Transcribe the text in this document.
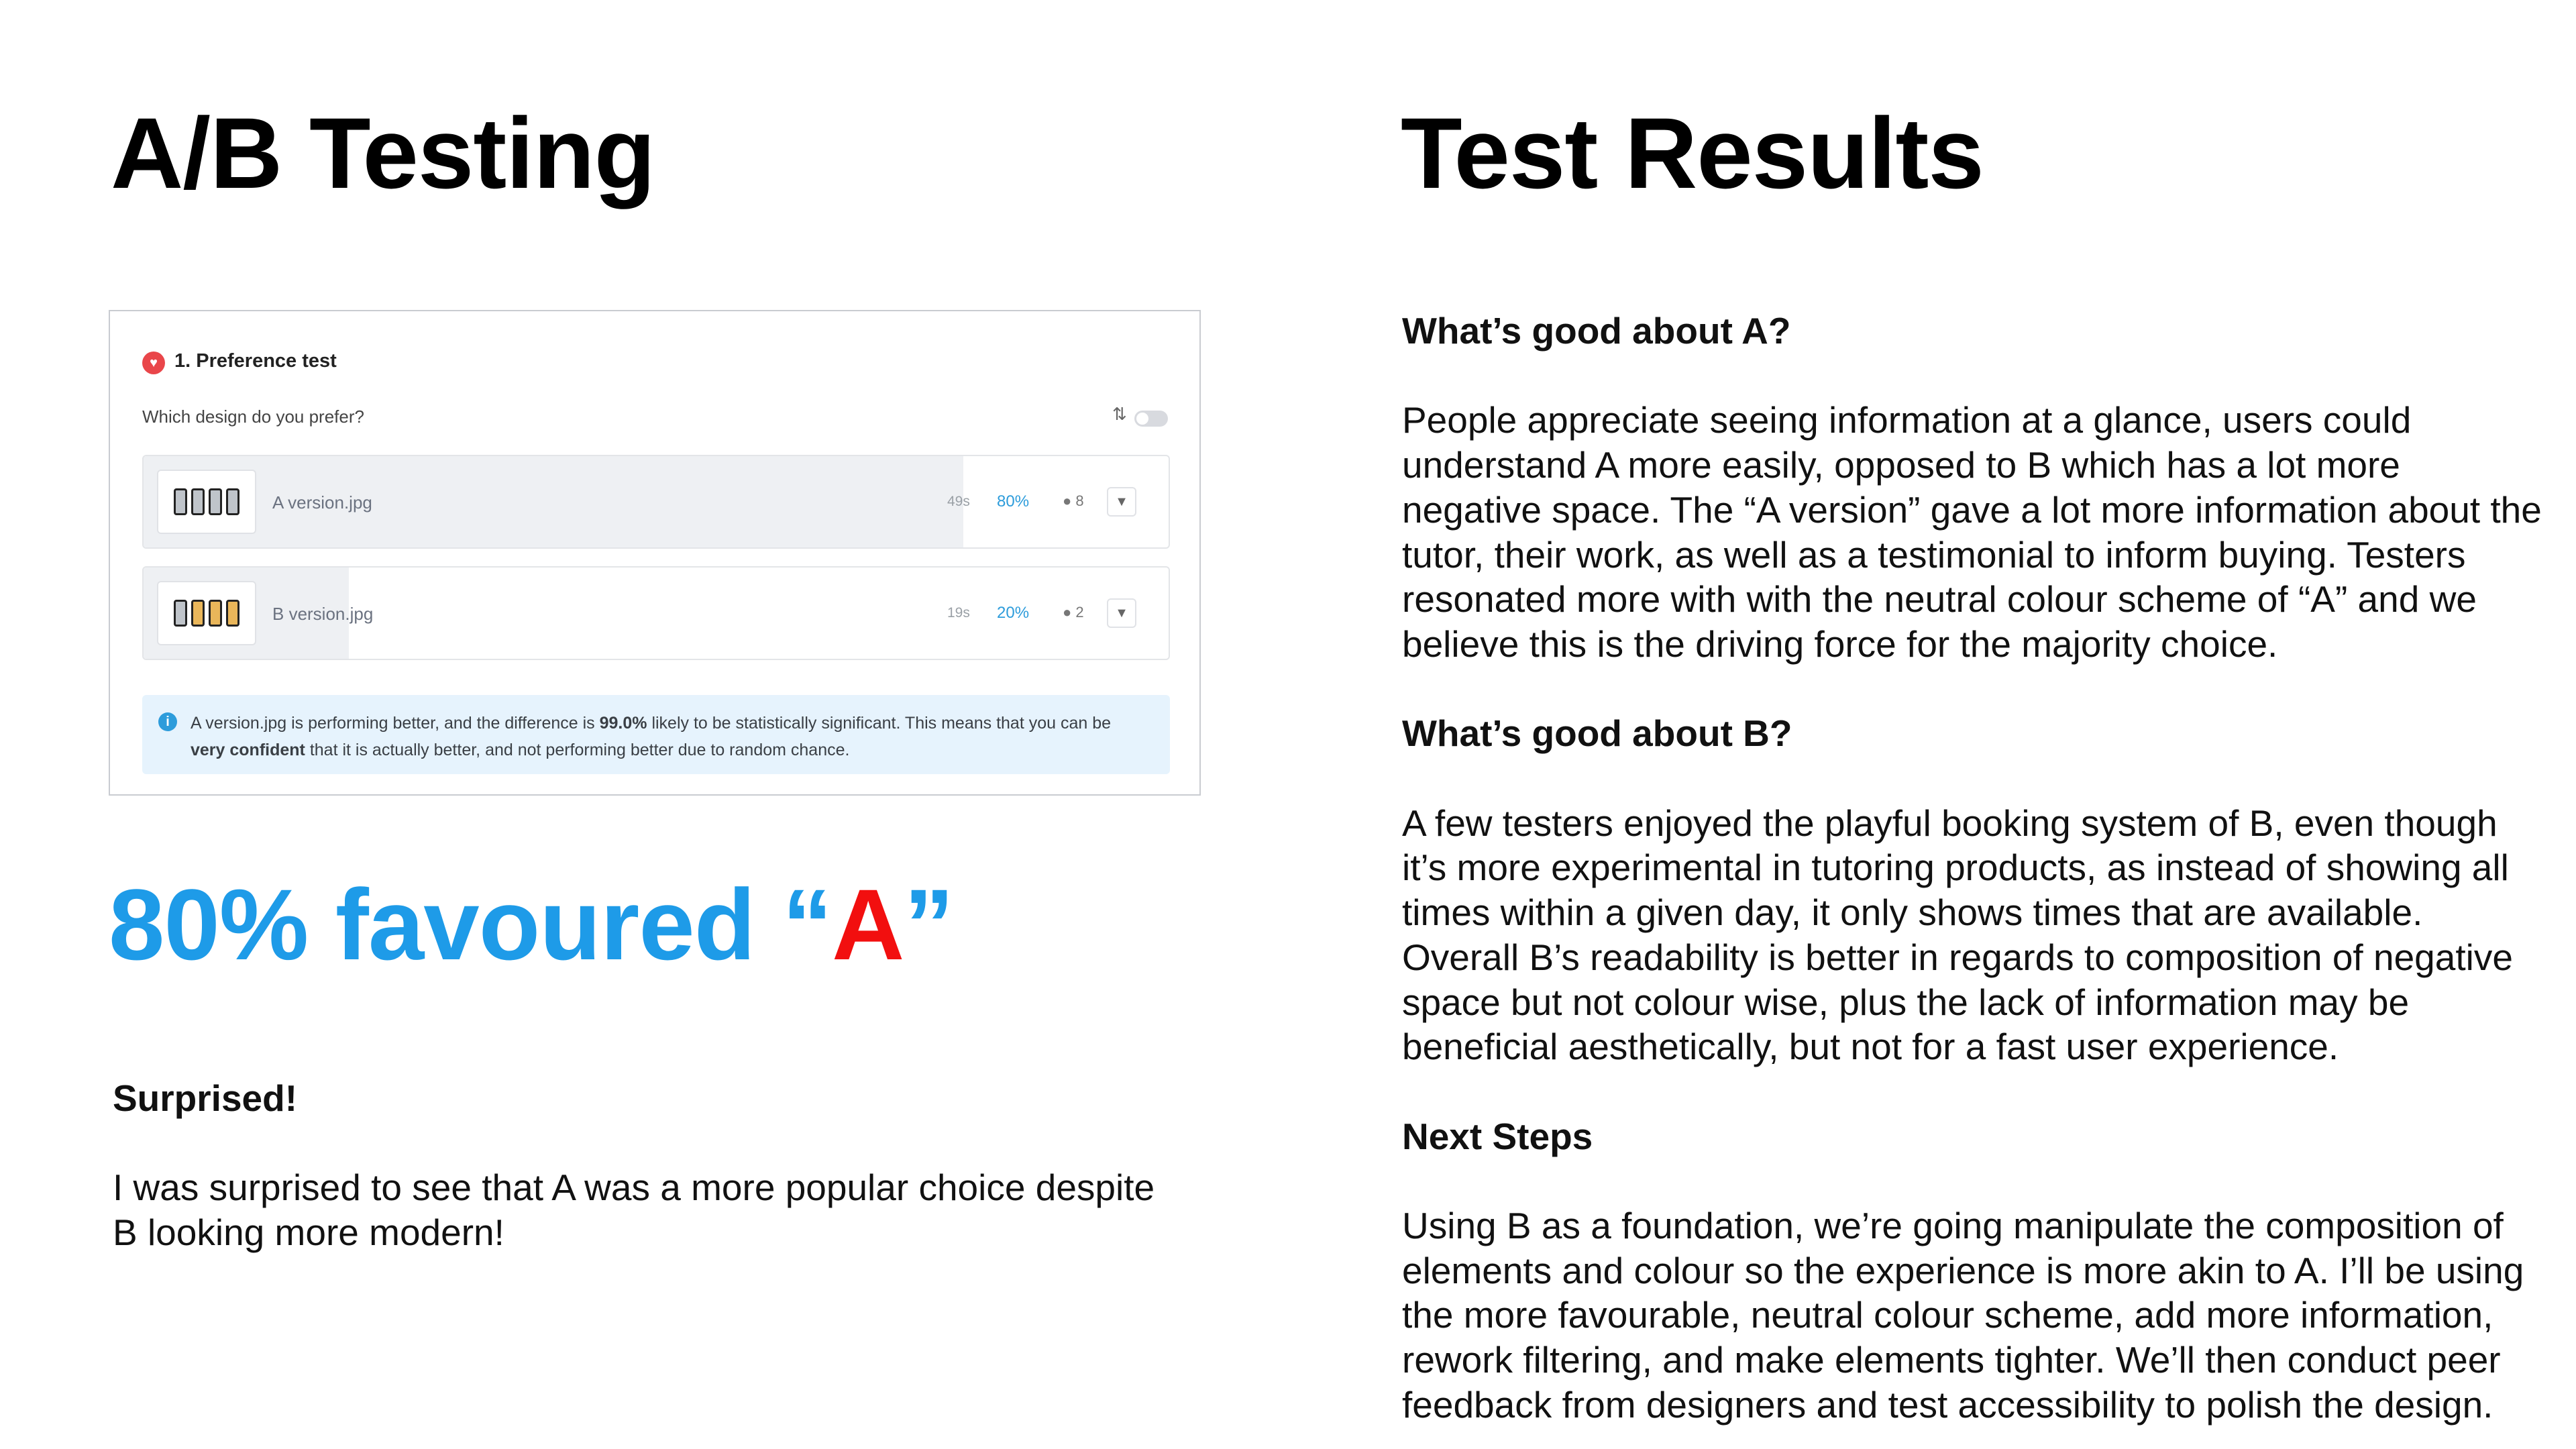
A/B Testing	Test Results
♥ 1. Preference test
Which design do you prefer?	⇅
A version.jpg	49s 80% ● 8	▼
B version.jpg	19s 20% ● 2	▼
i	A version.jpg is performing better, and the difference is 99.0% likely to be statistically significant. This means that you can be very confident that it is actually better, and not performing better due to random chance.
80% favoured “A”
Surprised!
I was surprised to see that A was a more popular choice despite B looking more modern!
What’s good about A?
People appreciate seeing information at a glance, users could understand A more easily, opposed to B which has a lot more negative space. The “A version” gave a lot more information about the tutor, their work, as well as a testimonial to inform buying. Testers resonated more with with the neutral colour scheme of “A” and we believe this is the driving force for the majority choice.
What’s good about B?
A few testers enjoyed the playful booking system of B, even though it’s more experimental in tutoring products, as instead of showing all times within a given day, it only shows times that are available. Overall B’s readability is better in regards to composition of negative space but not colour wise, plus the lack of information may be beneficial aesthetically, but not for a fast user experience.
Next Steps
Using B as a foundation, we’re going manipulate the composition of elements and colour so the experience is more akin to A. I’ll be using the more favourable, neutral colour scheme, add more information, rework filtering, and make elements tighter. We’ll then conduct peer feedback from designers and test accessibility to polish the design.
